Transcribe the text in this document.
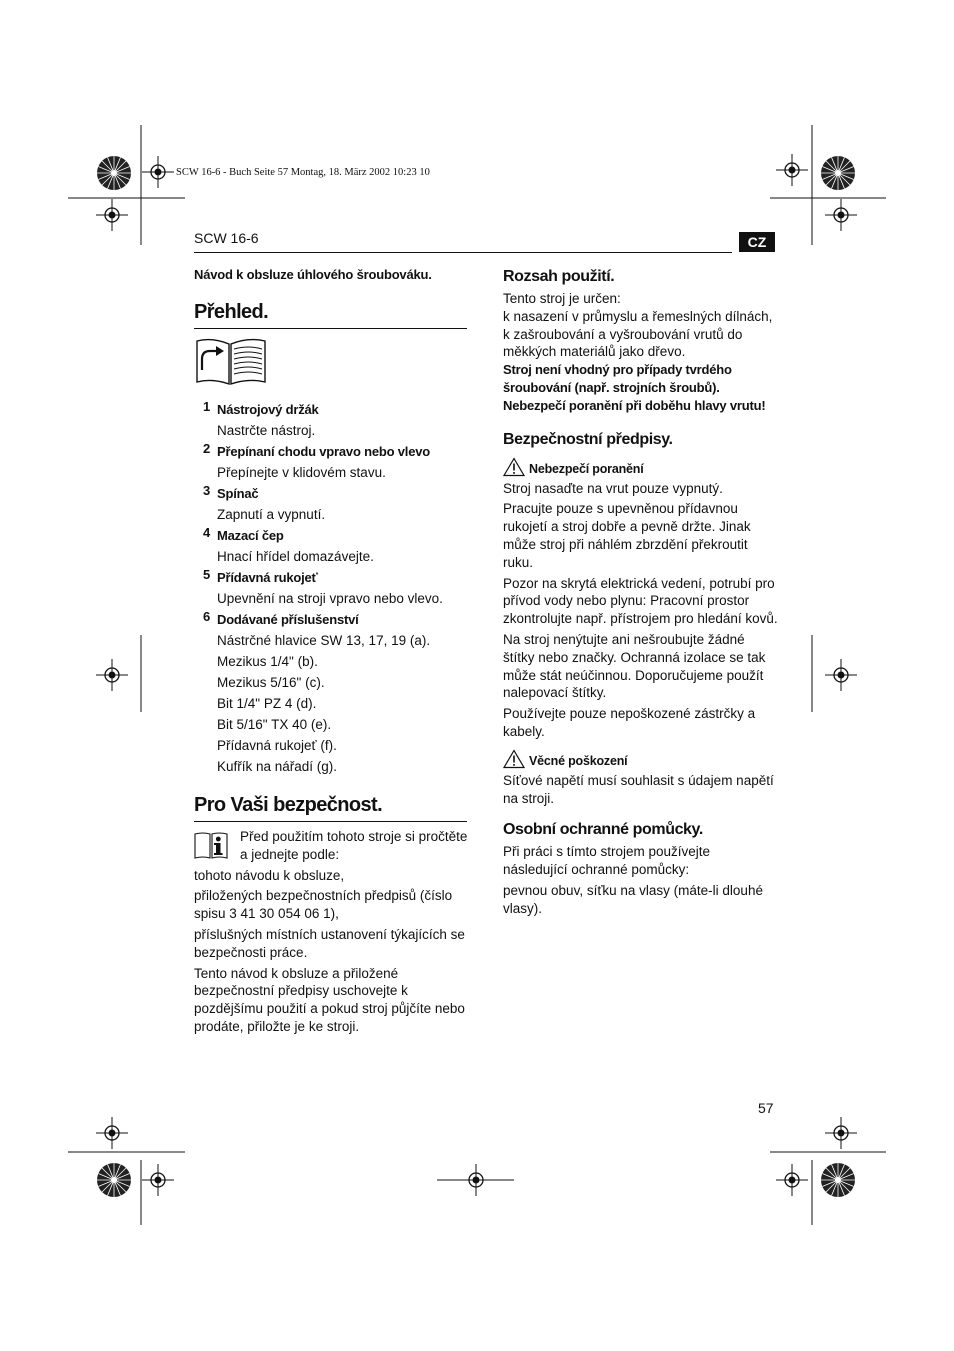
SCW 16-6 - Buch Seite 57 Montag, 18. März 2002 10:23 10
SCW 16-6	CZ

Návod k obsluze úhlového šroubováku.

Přehled.
1 Nástrojový držák
Nastrčte nástroj.
2 Přepínaní chodu vpravo nebo vlevo
Přepínejte v klidovém stavu.
3 Spínač
Zapnutí a vypnutí.
4 Mazací čep
Hnací hřídel domazávejte.
5 Přídavná rukojeť
Upevnění na stroji vpravo nebo vlevo.
6 Dodávané příslušenství
Nástrčné hlavice SW 13, 17, 19 (a).
Mezikus 1/4" (b).
Mezikus 5/16" (c).
Bit 1/4" PZ 4 (d).
Bit 5/16" TX 40 (e).
Přídavná rukojeť (f).
Kufřík na nářadí (g).
Pro Vaši bezpečnost.

Před použitím tohoto stroje si pročtěte a jednejte podle:

tohoto návodu k obsluze,

přiložených bezpečnostních předpisů (číslo spisu 3 41 30 054 06 1),

příslušných místních ustanovení týkajících se bezpečnosti práce.

Tento návod k obsluze a přiložené bezpečnostní předpisy uschovejte k pozdějšímu použití a pokud stroj půjčíte nebo prodáte, přiložte je ke stroji.

Rozsah použití.

Tento stroj je určen:

k nasazení v průmyslu a řemeslných dílnách,

k zašroubování a vyšroubování vrutů do měkkých materiálů jako dřevo.

Stroj není vhodný pro případy tvrdého šroubování (např. strojních šroubů). Nebezpečí poranění při doběhu hlavy vrutu!

Bezpečnostní předpisy.
Nebezpečí poranění

Stroj nasaďte na vrut pouze vypnutý.

Pracujte pouze s upevněnou přídavnou rukojetí a stroj dobře a pevně držte. Jinak může stroj při náhlém zbrzdění překroutit ruku.

Pozor na skrytá elektrická vedení, potrubí pro přívod vody nebo plynu: Pracovní prostor zkontrolujte např. přístrojem pro hledání kovů.

Na stroj nenýtujte ani nešroubujte žádné štítky nebo značky. Ochranná izolace se tak může stát neúčinnou. Doporučujeme použít nalepovací štítky.

Používejte pouze nepoškozené zástrčky a kabely.

Věcné poškození

Síťové napětí musí souhlasit s údajem napětí na stroji.

Osobní ochranné pomůcky.

Při práci s tímto strojem používejte následující ochranné pomůcky:

pevnou obuv, síťku na vlasy (máte-li dlouhé vlasy).

57
